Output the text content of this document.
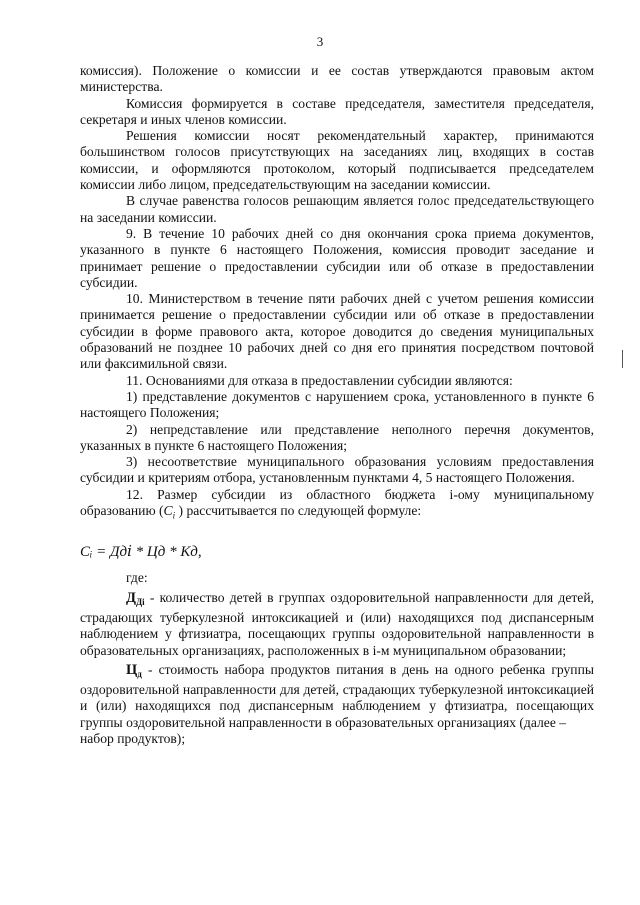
3

комиссия). Положение о комиссии и ее состав утверждаются правовым актом министерства.

Комиссия формируется в составе председателя, заместителя председателя, секретаря и иных членов комиссии.

Решения комиссии носят рекомендательный характер, принимаются большинством голосов присутствующих на заседаниях лиц, входящих в состав комиссии, и оформляются протоколом, который подписывается председателем комиссии либо лицом, председательствующим на заседании комиссии.

В случае равенства голосов решающим является голос председательствующего на заседании комиссии.

9. В течение 10 рабочих дней со дня окончания срока приема документов, указанного в пункте 6 настоящего Положения, комиссия проводит заседание и принимает решение о предоставлении субсидии или об отказе в предоставлении субсидии.

10. Министерством в течение пяти рабочих дней с учетом решения комиссии принимается решение о предоставлении субсидии или об отказе в предоставлении субсидии в форме правового акта, которое доводится до сведения муниципальных образований не позднее 10 рабочих дней со дня его принятия посредством почтовой или факсимильной связи.

11. Основаниями для отказа в предоставлении субсидии являются:

1) представление документов с нарушением срока, установленного в пункте 6 настоящего Положения;

2) непредставление или представление неполного перечня документов, указанных в пункте 6 настоящего Положения;

3) несоответствие муниципального образования условиям предоставления субсидии и критериям отбора, установленным пунктами 4, 5 настоящего Положения.

12. Размер субсидии из областного бюджета i-ому муниципальному образованию ($C_i$ ) рассчитывается по следующей формуле:

Cᵢ = Дд𝑖 * Цд * Кд,

где:

$Д_{Дi}$ - количество детей в группах оздоровительной направленности для детей, страдающих туберкулезной интоксикацией и (или) находящихся под диспансерным наблюдением у фтизиатра, посещающих группы оздоровительной направленности в образовательных организациях, расположенных в i-м муниципальном образовании;

$Ц_д$ - стоимость набора продуктов питания в день на одного ребенка группы оздоровительной направленности для детей, страдающих туберкулезной интоксикацией и (или) находящихся под диспансерным наблюдением у фтизиатра, посещающих группы оздоровительной направленности в образовательных организациях (далее –

набор продуктов);
